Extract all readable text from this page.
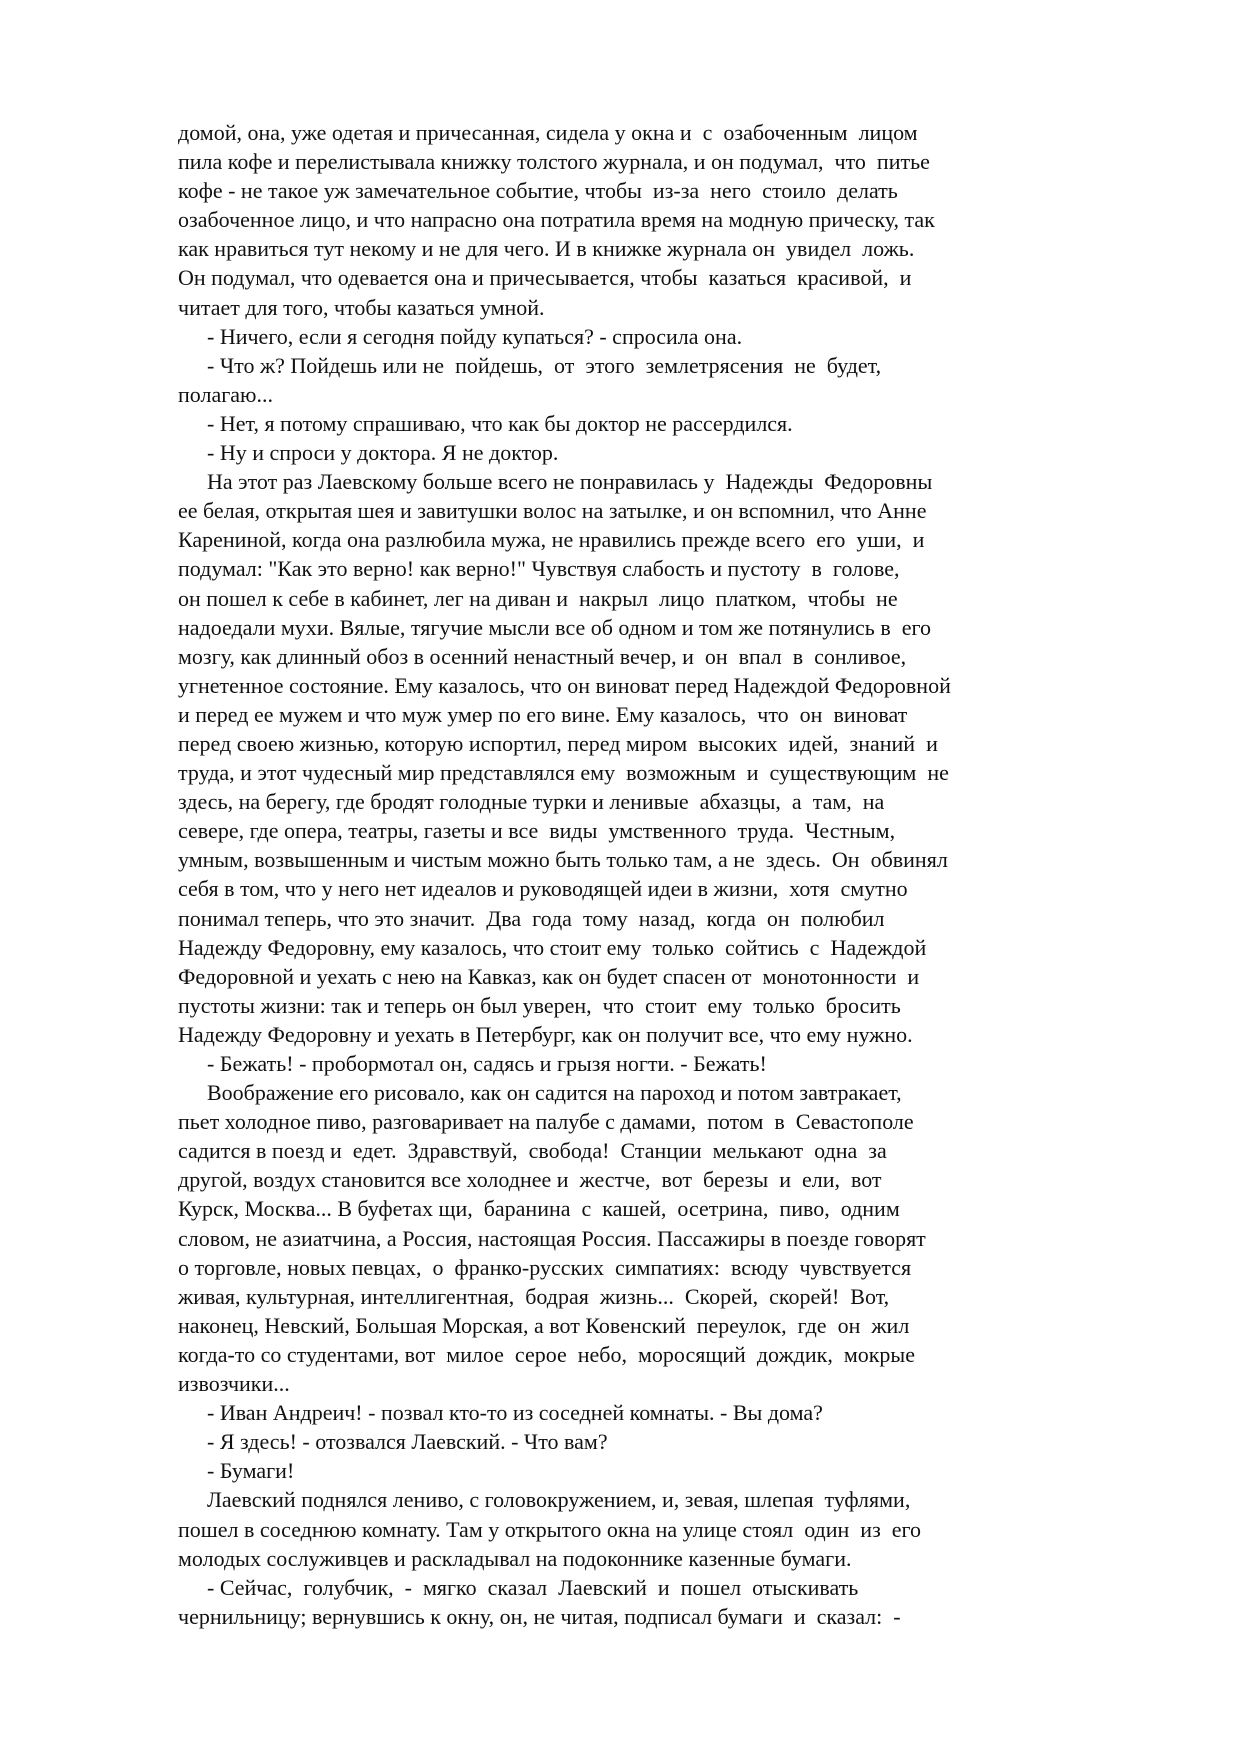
домой, она, уже одетая и причесанная, сидела у окна и  с  озабоченным  лицом
пила кофе и перелистывала книжку толстого журнала, и он подумал,  что  питье
кофе - не такое уж замечательное событие, чтобы  из-за  него  стоило  делать
озабоченное лицо, и что напрасно она потратила время на модную прическу, так
как нравиться тут некому и не для чего. И в книжке журнала он  увидел  ложь.
Он подумал, что одевается она и причесывается, чтобы  казаться  красивой,  и
читает для того, чтобы казаться умной.
- Ничего, если я сегодня пойду купаться? - спросила она.
- Что ж? Пойдешь или не  пойдешь,  от  этого  землетрясения  не  будет,
полагаю...
- Нет, я потому спрашиваю, что как бы доктор не рассердился.
- Ну и спроси у доктора. Я не доктор.
На этот раз Лаевскому больше всего не понравилась у  Надежды  Федоровны
ее белая, открытая шея и завитушки волос на затылке, и он вспомнил, что Анне
Карениной, когда она разлюбила мужа, не нравились прежде всего  его  уши,  и
подумал: "Как это верно! как верно!" Чувствуя слабость и пустоту  в  голове,
он пошел к себе в кабинет, лег на диван и  накрыл  лицо  платком,  чтобы  не
надоедали мухи. Вялые, тягучие мысли все об одном и том же потянулись в  его
мозгу, как длинный обоз в осенний ненастный вечер, и  он  впал  в  сонливое,
угнетенное состояние. Ему казалось, что он виноват перед Надеждой Федоровной
и перед ее мужем и что муж умер по его вине. Ему казалось,  что  он  виноват
перед своею жизнью, которую испортил, перед миром  высоких  идей,  знаний  и
труда, и этот чудесный мир представлялся ему  возможным  и  существующим  не
здесь, на берегу, где бродят голодные турки и ленивые  абхазцы,  а  там,  на
севере, где опера, театры, газеты и все  виды  умственного  труда.  Честным,
умным, возвышенным и чистым можно быть только там, а не  здесь.  Он  обвинял
себя в том, что у него нет идеалов и руководящей идеи в жизни,  хотя  смутно
понимал теперь, что это значит.  Два  года  тому  назад,  когда  он  полюбил
Надежду Федоровну, ему казалось, что стоит ему  только  сойтись  с  Надеждой
Федоровной и уехать с нею на Кавказ, как он будет спасен от  монотонности  и
пустоты жизни: так и теперь он был уверен,  что  стоит  ему  только  бросить
Надежду Федоровну и уехать в Петербург, как он получит все, что ему нужно.
- Бежать! - пробормотал он, садясь и грызя ногти. - Бежать!
Воображение его рисовало, как он садится на пароход и потом завтракает,
пьет холодное пиво, разговаривает на палубе с дамами,  потом  в  Севастополе
садится в поезд и  едет.  Здравствуй,  свобода!  Станции  мелькают  одна  за
другой, воздух становится все холоднее и  жестче,  вот  березы  и  ели,  вот
Курск, Москва... В буфетах щи,  баранина  с  кашей,  осетрина,  пиво,  одним
словом, не азиатчина, а Россия, настоящая Россия. Пассажиры в поезде говорят
о торговле, новых певцах,  о  франко-русских  симпатиях:  всюду  чувствуется
живая, культурная, интеллигентная,  бодрая  жизнь...  Скорей,  скорей!  Вот,
наконец, Невский, Большая Морская, а вот Ковенский  переулок,  где  он  жил
когда-то со студентами, вот  милое  серое  небо,  моросящий  дождик,  мокрые
извозчики...
- Иван Андреич! - позвал кто-то из соседней комнаты. - Вы дома?
- Я здесь! - отозвался Лаевский. - Что вам?
- Бумаги!
Лаевский поднялся лениво, с головокружением, и, зевая, шлепая  туфлями,
пошел в соседнюю комнату. Там у открытого окна на улице стоял  один  из  его
молодых сослуживцев и раскладывал на подоконнике казенные бумаги.
- Сейчас,  голубчик,  -  мягко  сказал  Лаевский  и  пошел  отыскивать
чернильницу; вернувшись к окну, он, не читая, подписал бумаги  и  сказал:  -
